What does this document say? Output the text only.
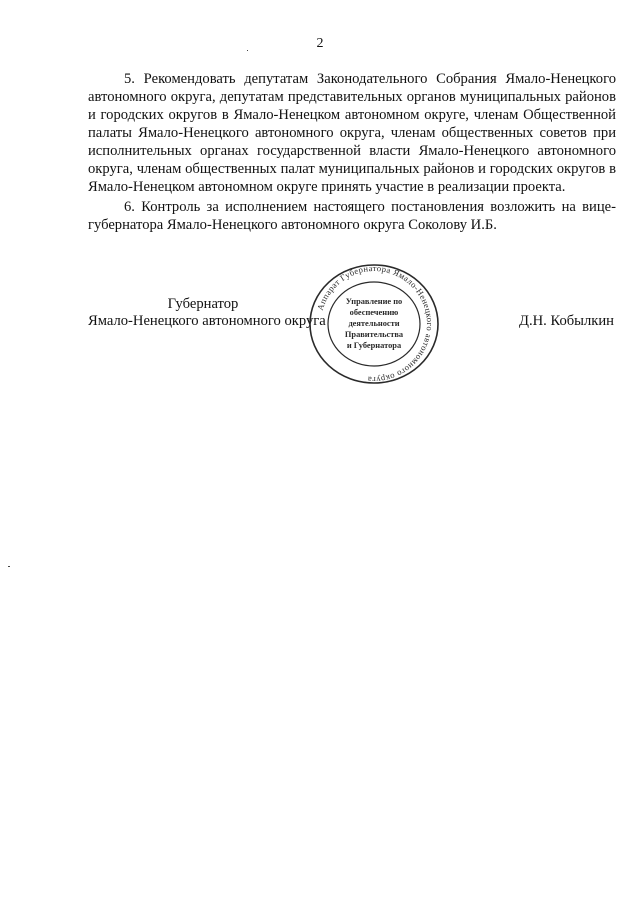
2

5. Рекомендовать депутатам Законодательного Собрания Ямало-Ненецкого автономного округа, депутатам представительных органов муниципальных районов и городских округов в Ямало-Ненецком автономном округе, членам Общественной палаты Ямало-Ненецкого автономного округа, членам общественных советов при исполнительных органах государственной власти Ямало-Ненецкого автономного округа, членам общественных палат муниципальных районов и городских округов в Ямало-Ненецком автономном округе принять участие в реализации проекта.

6. Контроль за исполнением настоящего постановления возложить на вице-губернатора Ямало-Ненецкого автономного округа Соколову И.Б.

Губернатор
Ямало-Ненецкого автономного округа	Д.Н. Кобылкин
Аппарат Губернатора Ямало-Ненецкого автономного округа
Управление по
обеспечению
деятельности
Правительства
и Губернатора
